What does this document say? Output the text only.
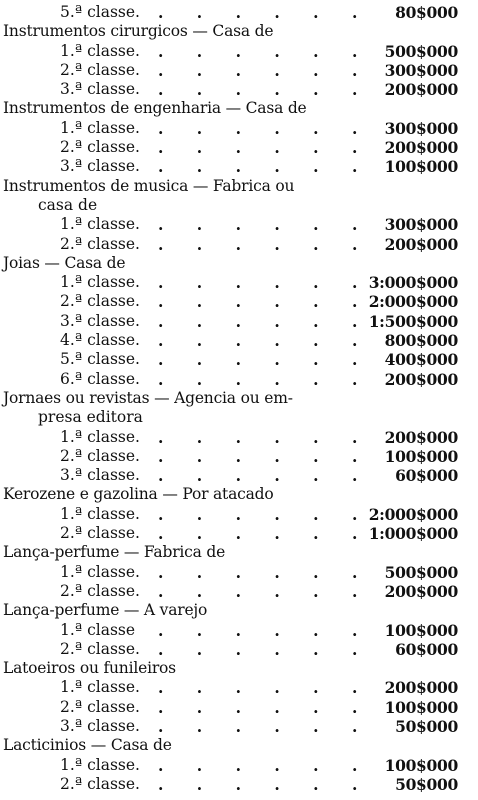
5.ª classe. . . . . . . 80$000
Instrumentos cirurgicos — Casa de
1.ª classe. . . . . . . 500$000
2.ª classe. . . . . . . 300$000
3.ª classe. . . . . . . 200$000
Instrumentos de engenharia — Casa de
1.ª classe. . . . . . . 300$000
2.ª classe. . . . . . . 200$000
3.ª classe. . . . . . . 100$000
Instrumentos de musica — Fabrica ou
casa de
1.ª classe. . . . . . . 300$000
2.ª classe. . . . . . . 200$000
Joias — Casa de
1.ª classe. . . . . . .
3:000$000
2.ª classe. . . . . . .
2:000$000
3.ª classe. . . . . . .
1:500$000
4.ª classe. . . . . . . 800$000
5.ª classe. . . . . . . 400$000
6.ª classe. . . . . . . 200$000
Jornaes ou revistas — Agencia ou em-
presa editora
1.ª classe. . . . . . . 200$000
2.ª classe. . . . . . . 100$000
3.ª classe. . . . . . . 60$000
Kerozene e gazolina — Por atacado
1.ª classe. . . . . . .
2:000$000
2.ª classe. . . . . . .
1:000$000
Lança-perfume — Fabrica de
1.ª classe. . . . . . . 500$000
2.ª classe. . . . . . . 200$000
Lança-perfume — A varejo
1.ª classe . . . . . . 100$000
2.ª classe. . . . . . . 60$000
Latoeiros ou funileiros
1.ª classe. . . . . . . 200$000
2.ª classe. . . . . . . 100$000
3.ª classe. . . . . . . 50$000
Lacticinios — Casa de
1.ª classe. . . . . . . 100$000
2.ª classe. . . . . . . 50$000
